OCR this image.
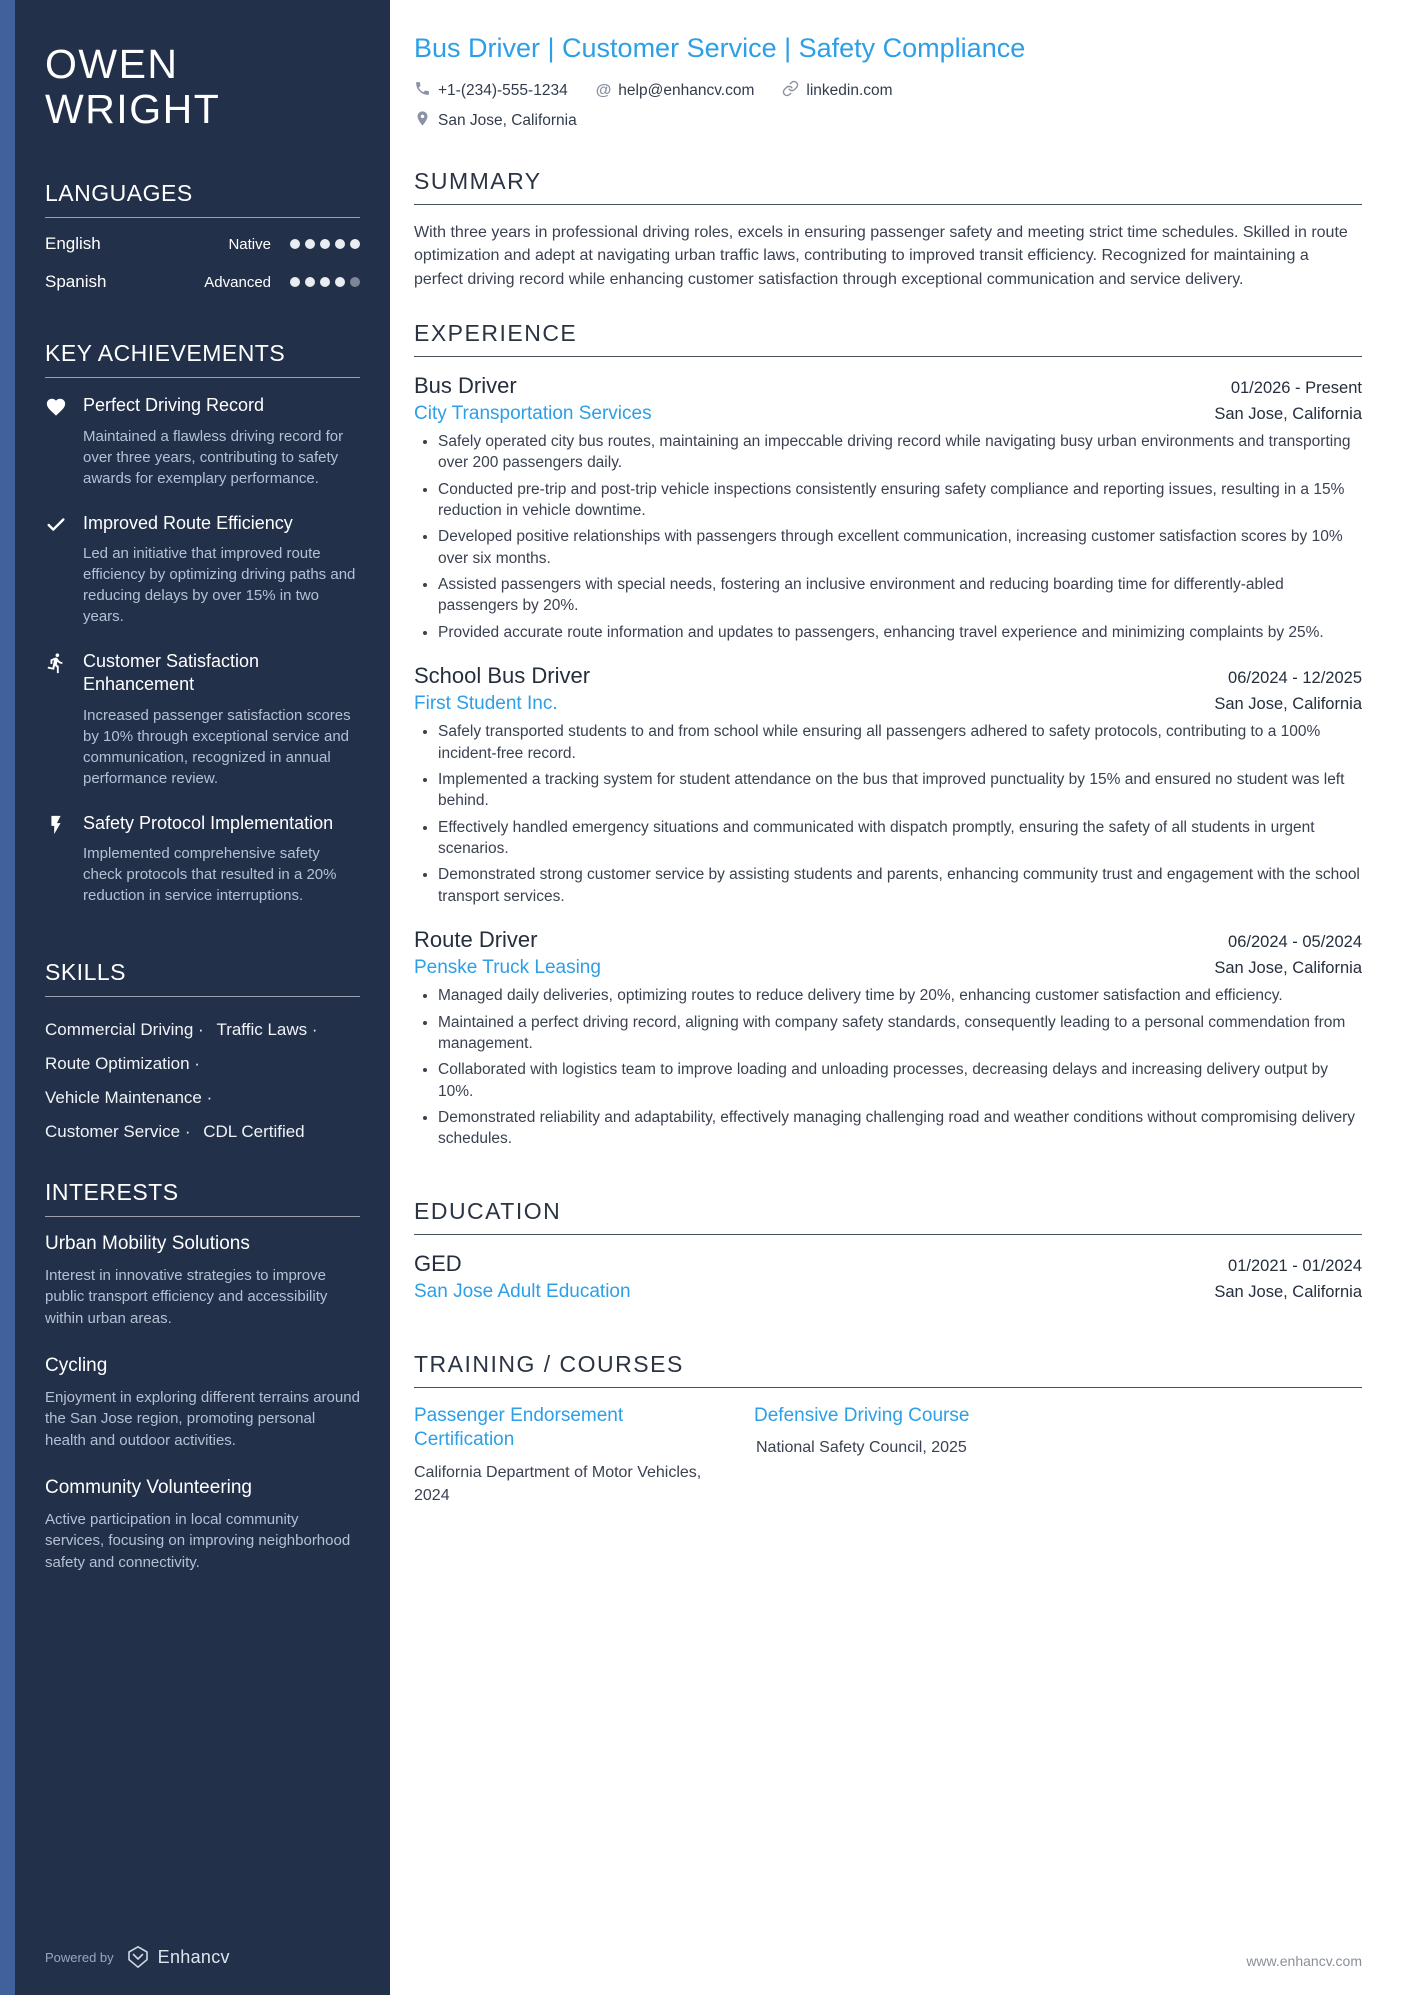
OWEN WRIGHT
LANGUAGES
English	Native
Spanish	Advanced
KEY ACHIEVEMENTS
Perfect Driving Record
Maintained a flawless driving record for over three years, contributing to safety awards for exemplary performance.
Improved Route Efficiency
Led an initiative that improved route efficiency by optimizing driving paths and reducing delays by over 15% in two years.
Customer Satisfaction Enhancement
Increased passenger satisfaction scores by 10% through exceptional service and communication, recognized in annual performance review.
Safety Protocol Implementation
Implemented comprehensive safety check protocols that resulted in a 20% reduction in service interruptions.
SKILLS
Commercial Driving · Traffic Laws · Route Optimization · Vehicle Maintenance · Customer Service · CDL Certified
INTERESTS
Urban Mobility Solutions
Interest in innovative strategies to improve public transport efficiency and accessibility within urban areas.
Cycling
Enjoyment in exploring different terrains around the San Jose region, promoting personal health and outdoor activities.
Community Volunteering
Active participation in local community services, focusing on improving neighborhood safety and connectivity.
Powered by Enhancv
Bus Driver | Customer Service | Safety Compliance
+1-(234)-555-1234 @ help@enhancv.com	linkedin.com
San Jose, California
SUMMARY

With three years in professional driving roles, excels in ensuring passenger safety and meeting strict time schedules. Skilled in route optimization and adept at navigating urban traffic laws, contributing to improved transit efficiency. Recognized for maintaining a perfect driving record while enhancing customer satisfaction through exceptional communication and service delivery.

EXPERIENCE
Bus Driver	01/2026 - Present
City Transportation Services	San Jose, California
• Safely operated city bus routes, maintaining an impeccable driving record while navigating busy urban environments and transporting over 200 passengers daily.
• Conducted pre-trip and post-trip vehicle inspections consistently ensuring safety compliance and reporting issues, resulting in a 15% reduction in vehicle downtime.
• Developed positive relationships with passengers through excellent communication, increasing customer satisfaction scores by 10% over six months.
• Assisted passengers with special needs, fostering an inclusive environment and reducing boarding time for differently-abled passengers by 20%.
• Provided accurate route information and updates to passengers, enhancing travel experience and minimizing complaints by 25%.
School Bus Driver	06/2024 - 12/2025
First Student Inc.	San Jose, California
• Safely transported students to and from school while ensuring all passengers adhered to safety protocols, contributing to a 100% incident-free record.
• Implemented a tracking system for student attendance on the bus that improved punctuality by 15% and ensured no student was left behind.
• Effectively handled emergency situations and communicated with dispatch promptly, ensuring the safety of all students in urgent scenarios.
• Demonstrated strong customer service by assisting students and parents, enhancing community trust and engagement with the school transport services.
Route Driver	06/2024 - 05/2024
Penske Truck Leasing	San Jose, California
• Managed daily deliveries, optimizing routes to reduce delivery time by 20%, enhancing customer satisfaction and efficiency.
• Maintained a perfect driving record, aligning with company safety standards, consequently leading to a personal commendation from management.
• Collaborated with logistics team to improve loading and unloading processes, decreasing delays and increasing delivery output by 10%.
• Demonstrated reliability and adaptability, effectively managing challenging road and weather conditions without compromising delivery schedules.
EDUCATION
GED	01/2021 - 01/2024
San Jose Adult Education	San Jose, California
TRAINING / COURSES
Passenger Endorsement Certification
California Department of Motor Vehicles, 2024
Defensive Driving Course
National Safety Council, 2025
www.enhancv.com
